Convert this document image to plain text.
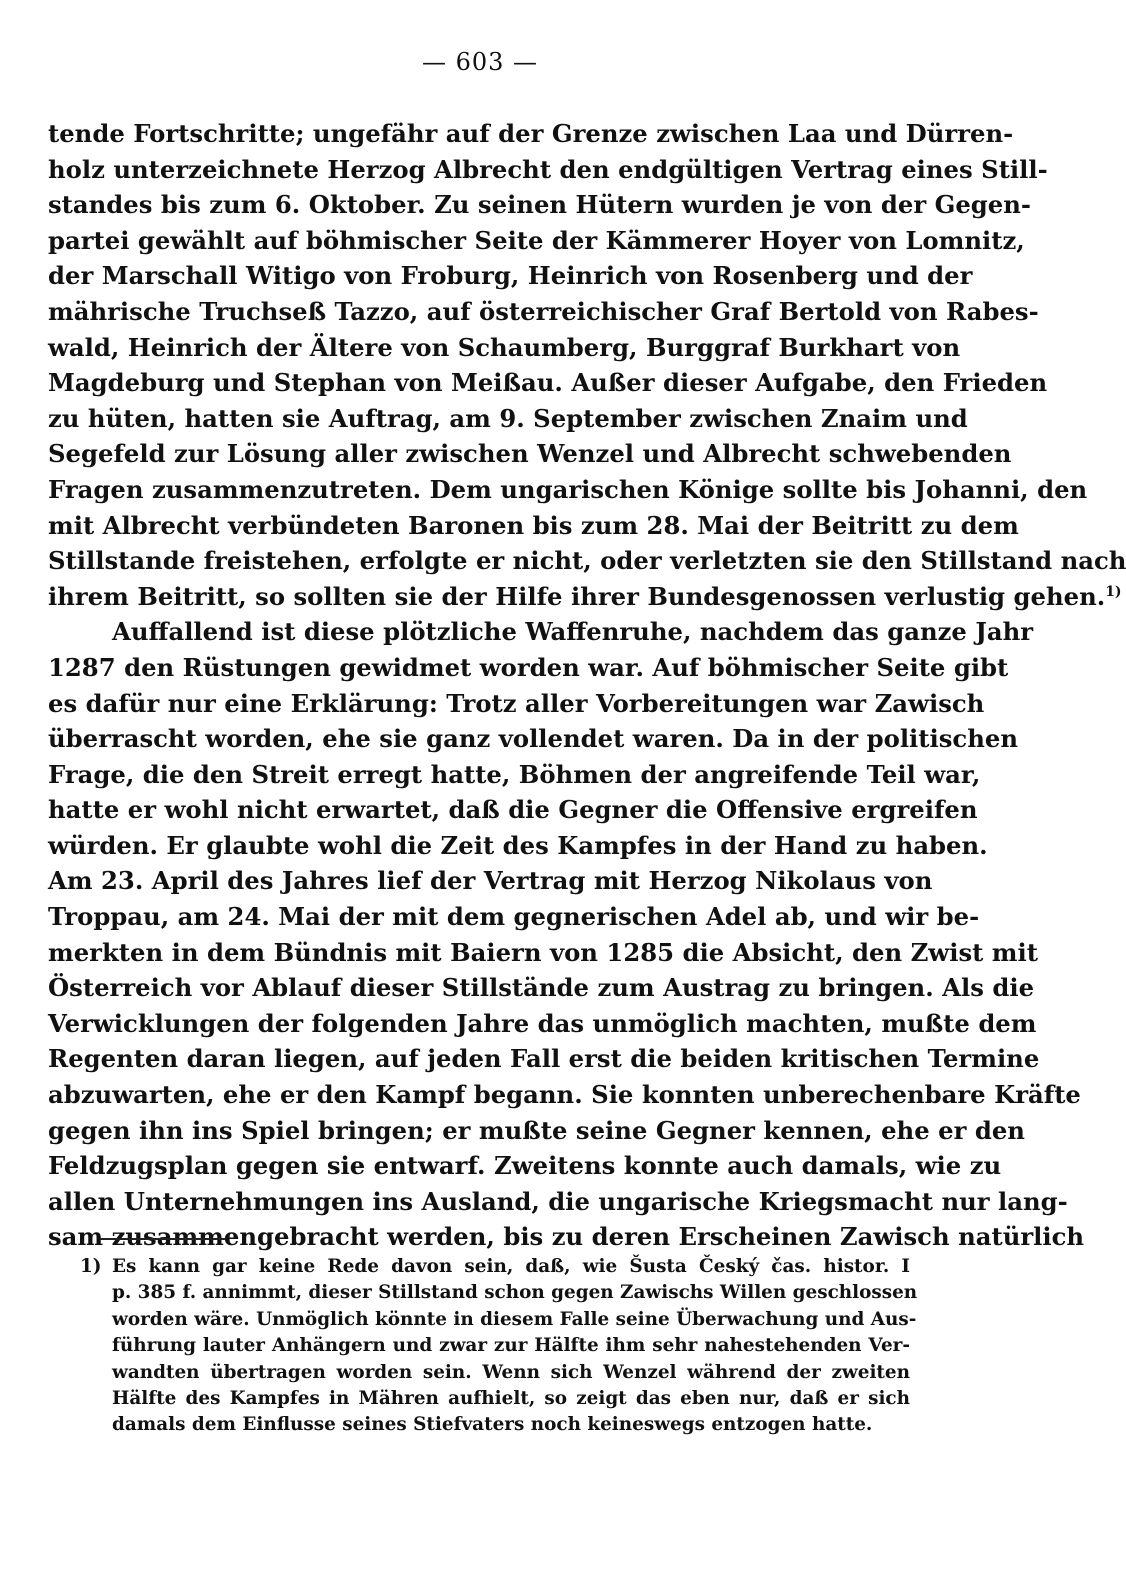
— 603 —
tende Fortschritte; ungefähr auf der Grenze zwischen Laa und Dürren-
holz unterzeichnete Herzog Albrecht den endgültigen Vertrag eines Still-
standes bis zum 6. Oktober. Zu seinen Hütern wurden je von der Gegen-
partei gewählt auf böhmischer Seite der Kämmerer Hoyer von Lomnitz,
der Marschall Witigo von Froburg, Heinrich von Rosenberg und der
mährische Truchseß Tazzo, auf österreichischer Graf Bertold von Rabes-
wald, Heinrich der Ältere von Schaumberg, Burggraf Burkhart von
Magdeburg und Stephan von Meißau. Außer dieser Aufgabe, den Frieden
zu hüten, hatten sie Auftrag, am 9. September zwischen Znaim und
Segefeld zur Lösung aller zwischen Wenzel und Albrecht schwebenden
Fragen zusammenzutreten. Dem ungarischen Könige sollte bis Johanni, den
mit Albrecht verbündeten Baronen bis zum 28. Mai der Beitritt zu dem
Stillstande freistehen, erfolgte er nicht, oder verletzten sie den Stillstand nach
ihrem Beitritt, so sollten sie der Hilfe ihrer Bundesgenossen verlustig gehen.$^{1)}$
Auffallend ist diese plötzliche Waffenruhe, nachdem das ganze Jahr
1287 den Rüstungen gewidmet worden war. Auf böhmischer Seite gibt
es dafür nur eine Erklärung: Trotz aller Vorbereitungen war Zawisch
überrascht worden, ehe sie ganz vollendet waren. Da in der politischen
Frage, die den Streit erregt hatte, Böhmen der angreifende Teil war,
hatte er wohl nicht erwartet, daß die Gegner die Offensive ergreifen
würden. Er glaubte wohl die Zeit des Kampfes in der Hand zu haben.
Am 23. April des Jahres lief der Vertrag mit Herzog Nikolaus von
Troppau, am 24. Mai der mit dem gegnerischen Adel ab, und wir be-
merkten in dem Bündnis mit Baiern von 1285 die Absicht, den Zwist mit
Österreich vor Ablauf dieser Stillstände zum Austrag zu bringen. Als die
Verwicklungen der folgenden Jahre das unmöglich machten, mußte dem
Regenten daran liegen, auf jeden Fall erst die beiden kritischen Termine
abzuwarten, ehe er den Kampf begann. Sie konnten unberechenbare Kräfte
gegen ihn ins Spiel bringen; er mußte seine Gegner kennen, ehe er den
Feldzugsplan gegen sie entwarf. Zweitens konnte auch damals, wie zu
allen Unternehmungen ins Ausland, die ungarische Kriegsmacht nur lang-
sam zusammengebracht werden, bis zu deren Erscheinen Zawisch natürlich
1) Es kann gar keine Rede davon sein, daß, wie Šusta Český čas. histor. I
p. 385 f. annimmt, dieser Stillstand schon gegen Zawischs Willen geschlossen
worden wäre. Unmöglich könnte in diesem Falle seine Überwachung und Aus-
führung lauter Anhängern und zwar zur Hälfte ihm sehr nahestehenden Ver-
wandten übertragen worden sein. Wenn sich Wenzel während der zweiten
Hälfte des Kampfes in Mähren aufhielt, so zeigt das eben nur, daß er sich
damals dem Einflusse seines Stiefvaters noch keineswegs entzogen hatte.
